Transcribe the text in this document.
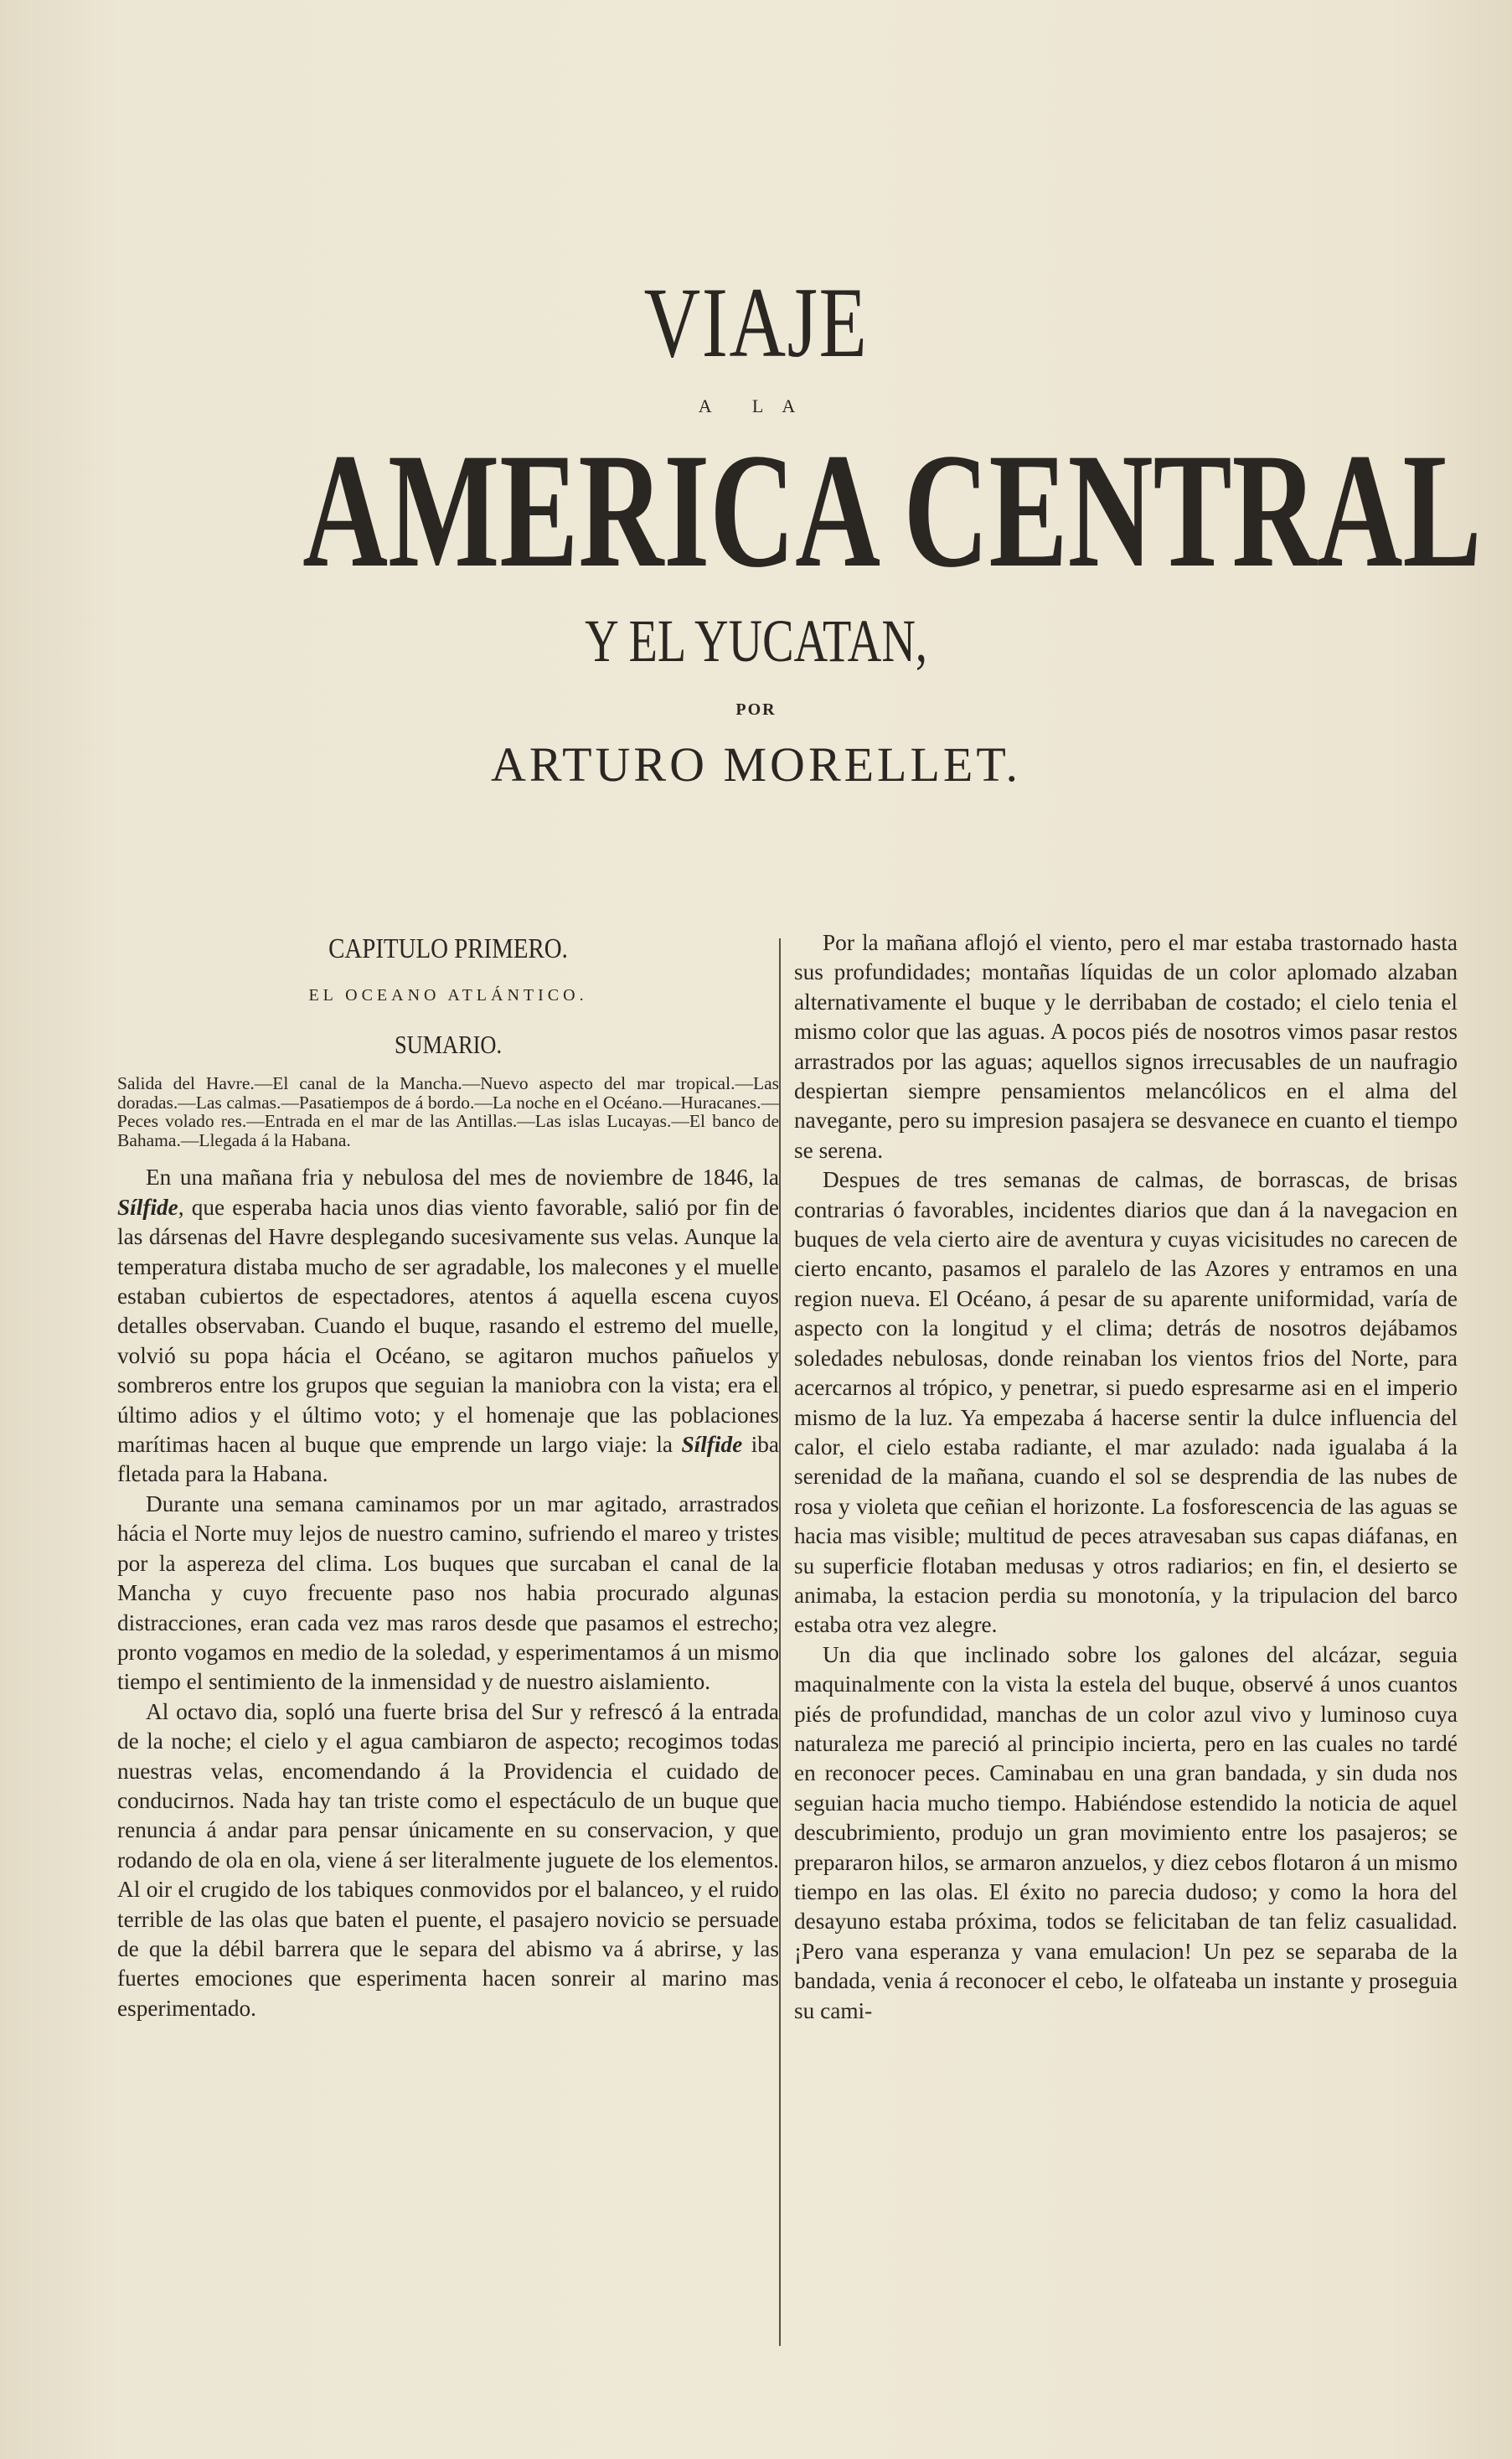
VIAJE
A LA
AMERICA CENTRAL
Y EL YUCATAN,
POR
ARTURO MORELLET.
CAPITULO PRIMERO.
EL OCEANO ATLÁNTICO.
SUMARIO.
Salida del Havre.—El canal de la Mancha.—Nuevo aspecto del mar tropical.—Las doradas.—Las calmas.—Pasatiempos de á bordo.—La noche en el Océano.—Huracanes.—Peces volado res.—Entrada en el mar de las Antillas.—Las islas Lucayas.—El banco de Bahama.—Llegada á la Habana.

En una mañana fria y nebulosa del mes de noviembre de 1846, la Sílfide, que esperaba hacia unos dias viento favorable, salió por fin de las dársenas del Havre desplegando sucesivamente sus velas. Aunque la temperatura distaba mucho de ser agradable, los malecones y el muelle estaban cubiertos de espectadores, atentos á aquella escena cuyos detalles observaban. Cuando el buque, rasando el estremo del muelle, volvió su popa hácia el Océano, se agitaron muchos pañuelos y sombreros entre los grupos que seguian la maniobra con la vista; era el último adios y el último voto; y el homenaje que las poblaciones marítimas hacen al buque que emprende un largo viaje: la Sílfide iba fletada para la Habana.

Durante una semana caminamos por un mar agitado, arrastrados hácia el Norte muy lejos de nuestro camino, sufriendo el mareo y tristes por la aspereza del clima. Los buques que surcaban el canal de la Mancha y cuyo frecuente paso nos habia procurado algunas distracciones, eran cada vez mas raros desde que pasamos el estrecho; pronto vogamos en medio de la soledad, y esperimentamos á un mismo tiempo el sentimiento de la inmensidad y de nuestro aislamiento.

Al octavo dia, sopló una fuerte brisa del Sur y refrescó á la entrada de la noche; el cielo y el agua cambiaron de aspecto; recogimos todas nuestras velas, encomendando á la Providencia el cuidado de conducirnos. Nada hay tan triste como el espectáculo de un buque que renuncia á andar para pensar únicamente en su conservacion, y que rodando de ola en ola, viene á ser literalmente juguete de los elementos. Al oir el crugido de los tabiques conmovidos por el balanceo, y el ruido terrible de las olas que baten el puente, el pasajero novicio se persuade de que la débil barrera que le separa del abismo va á abrirse, y las fuertes emociones que esperimenta hacen sonreir al marino mas esperimentado.

Por la mañana aflojó el viento, pero el mar estaba trastornado hasta sus profundidades; montañas líquidas de un color aplomado alzaban alternativamente el buque y le derribaban de costado; el cielo tenia el mismo color que las aguas. A pocos piés de nosotros vimos pasar restos arrastrados por las aguas; aquellos signos irrecusables de un naufragio despiertan siempre pensamientos melancólicos en el alma del navegante, pero su impresion pasajera se desvanece en cuanto el tiempo se serena.

Despues de tres semanas de calmas, de borrascas, de brisas contrarias ó favorables, incidentes diarios que dan á la navegacion en buques de vela cierto aire de aventura y cuyas vicisitudes no carecen de cierto encanto, pasamos el paralelo de las Azores y entramos en una region nueva. El Océano, á pesar de su aparente uniformidad, varía de aspecto con la longitud y el clima; detrás de nosotros dejábamos soledades nebulosas, donde reinaban los vientos frios del Norte, para acercarnos al trópico, y penetrar, si puedo espresarme asi en el imperio mismo de la luz. Ya empezaba á hacerse sentir la dulce influencia del calor, el cielo estaba radiante, el mar azulado: nada igualaba á la serenidad de la mañana, cuando el sol se desprendia de las nubes de rosa y violeta que ceñian el horizonte. La fosforescencia de las aguas se hacia mas visible; multitud de peces atravesaban sus capas diáfanas, en su superficie flotaban medusas y otros radiarios; en fin, el desierto se animaba, la estacion perdia su monotonía, y la tripulacion del barco estaba otra vez alegre.

Un dia que inclinado sobre los galones del alcázar, seguia maquinalmente con la vista la estela del buque, observé á unos cuantos piés de profundidad, manchas de un color azul vivo y luminoso cuya naturaleza me pareció al principio incierta, pero en las cuales no tardé en reconocer peces. Caminabau en una gran bandada, y sin duda nos seguian hacia mucho tiempo. Habiéndose estendido la noticia de aquel descubrimiento, produjo un gran movimiento entre los pasajeros; se prepararon hilos, se armaron anzuelos, y diez cebos flotaron á un mismo tiempo en las olas. El éxito no parecia dudoso; y como la hora del desayuno estaba próxima, todos se felicitaban de tan feliz casualidad. ¡Pero vana esperanza y vana emulacion! Un pez se separaba de la bandada, venia á reconocer el cebo, le olfateaba un instante y proseguia su cami-
